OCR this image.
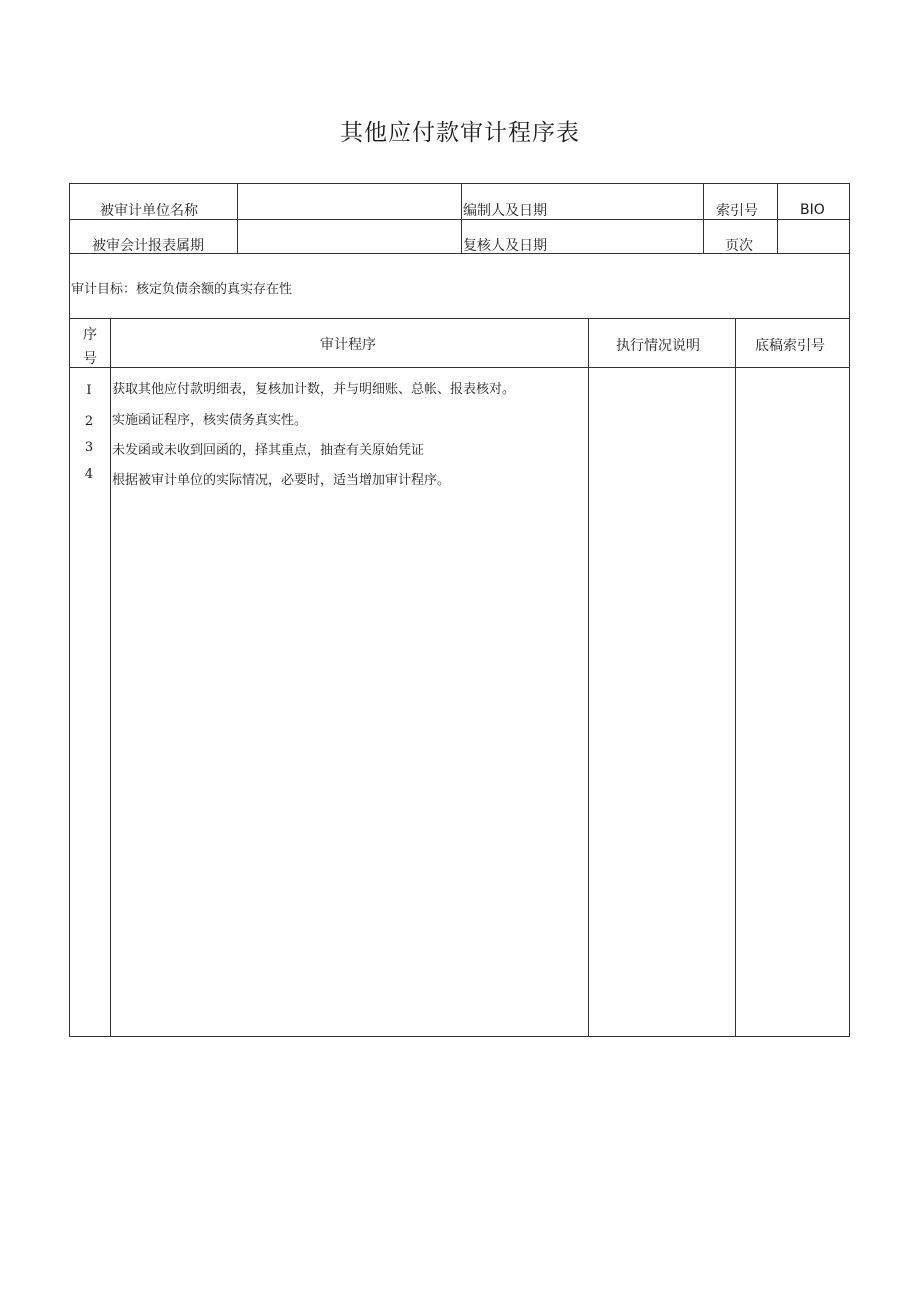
其他应付款审计程序表
被审计单位名称	编制人及日期	索引号	BIO
被审会计报表属期	复核人及日期	页次
审计目标：核定负债余额的真实存在性
序
号
审计程序	执行情况说明	底稿索引号
I 获取其他应付款明细表，复核加计数，并与明细账、总帐、报表核对。
2 实施函证程序，核实债务真实性。
3 未发函或未收到回函的，择其重点，抽查有关原始凭证
4 根据被审计单位的实际情况，必要时，适当增加审计程序。
